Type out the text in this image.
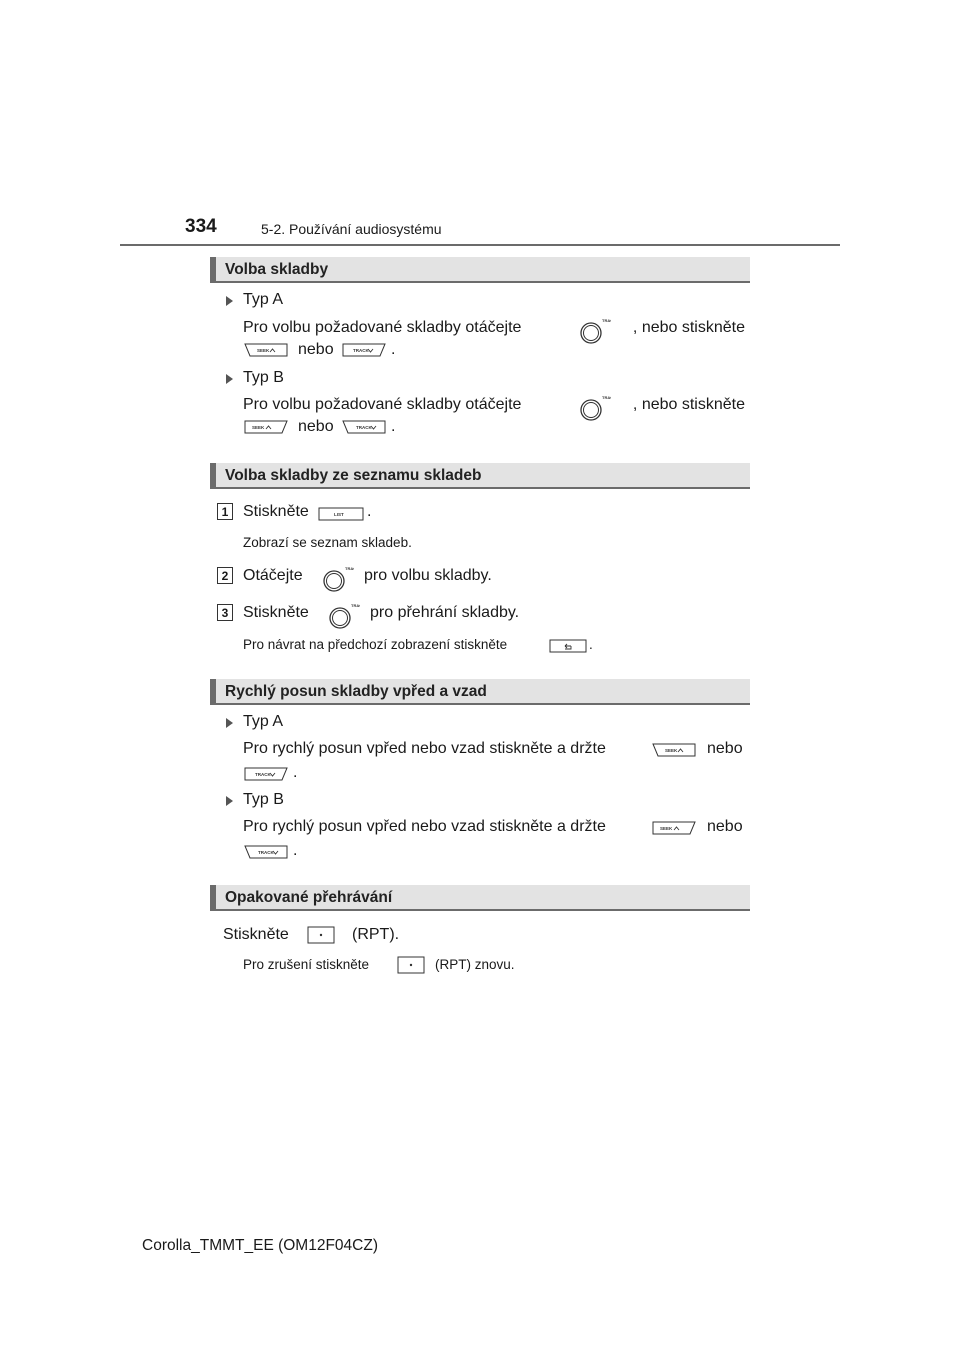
334	5-2. Používání audiosystému
Volba skladby
Typ A
Pro volbu požadované skladby otáčejte	, nebo stiskněte
nebo	.
Typ B
Pro volbu požadované skladby otáčejte	, nebo stiskněte
nebo	.
Volba skladby ze seznamu skladeb
1 Stiskněte	.
Zobrazí se seznam skladeb.
2 Otáčejte	pro volbu skladby.
3 Stiskněte	pro přehrání skladby.
Pro návrat na předchozí zobrazení stiskněte	.
Rychlý posun skladby vpřed a vzad
Typ A
Pro rychlý posun vpřed nebo vzad stiskněte a držte	nebo
.
Typ B
Pro rychlý posun vpřed nebo vzad stiskněte a držte	nebo
.
Opakované přehrávání
Stiskněte	(RPT).
Pro zrušení stiskněte	(RPT) znovu.
Corolla_TMMT_EE (OM12F04CZ)
